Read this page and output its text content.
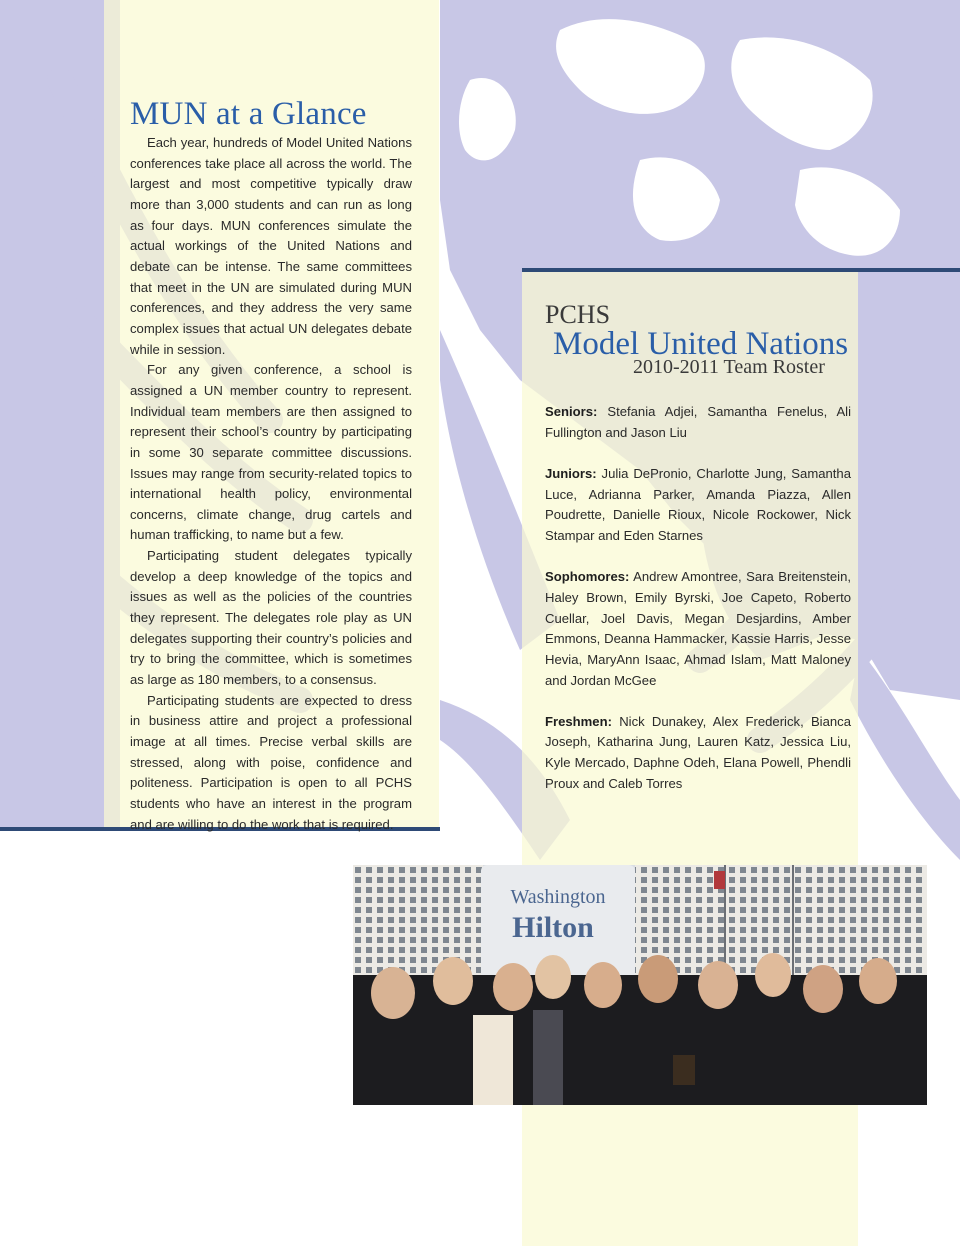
MUN at a Glance

Each year, hundreds of Model United Nations conferences take place all across the world. The largest and most competitive typically draw more than 3,000 students and can run as long as four days. MUN conferences simulate the actual workings of the United Nations and debate can be intense. The same committees that meet in the UN are simulated during MUN conferences, and they address the very same complex issues that actual UN delegates debate while in session.

For any given conference, a school is assigned a UN member country to represent. Individual team members are then assigned to represent their school’s country by participating in some 30 separate committee discussions. Issues may range from security-related topics to international health policy, environmental concerns, climate change, drug cartels and human trafficking, to name but a few.

Participating student delegates typically develop a deep knowledge of the topics and issues as well as the policies of the countries they represent. The delegates role play as UN delegates supporting their country’s policies and try to bring the committee, which is sometimes as large as 180 members, to a consensus.

Participating students are expected to dress in business attire and project a professional image at all times. Precise verbal skills are stressed, along with poise, confidence and politeness. Participation is open to all PCHS students who have an interest in the program and are willing to do the work that is required.

PCHS
Model United Nations
2010-2011 Team Roster

Seniors: Stefania Adjei, Samantha Fenelus, Ali Fullington and Jason Liu

Juniors: Julia DePronio, Charlotte Jung, Samantha Luce, Adrianna Parker, Amanda Piazza, Allen Poudrette, Danielle Rioux, Nicole Rockower, Nick Stampar and Eden Starnes

Sophomores: Andrew Amontree, Sara Breitenstein, Haley Brown, Emily Byrski, Joe Capeto, Roberto Cuellar, Joel Davis, Megan Desjardins, Amber Emmons, Deanna Hammacker, Kassie Harris, Jesse Hevia, MaryAnn Isaac, Ahmad Islam, Matt Maloney and Jordan McGee

Freshmen: Nick Dunakey, Alex Frederick, Bianca Joseph, Katharina Jung, Lauren Katz, Jessica Liu, Kyle Mercado, Daphne Odeh, Elana Powell, Phendli Proux and Caleb Torres

Washington
Hilton
